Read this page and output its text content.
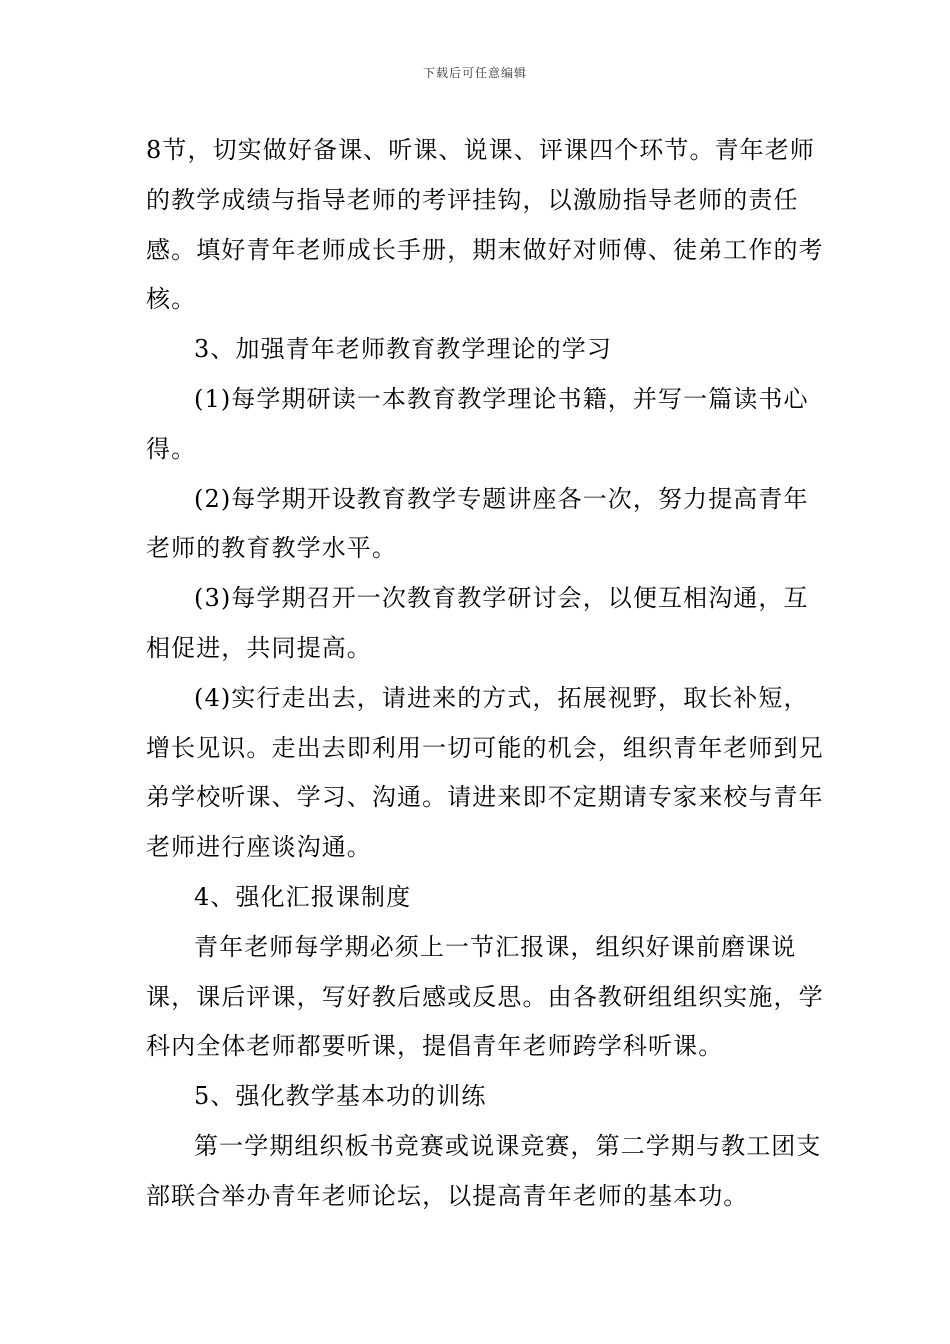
下载后可任意编辑

8节，切实做好备课、听课、说课、评课四个环节。青年老师的教学成绩与指导老师的考评挂钩，以激励指导老师的责任感。填好青年老师成长手册，期末做好对师傅、徒弟工作的考核。

3、加强青年老师教育教学理论的学习

(1)每学期研读一本教育教学理论书籍，并写一篇读书心得。

(2)每学期开设教育教学专题讲座各一次，努力提高青年老师的教育教学水平。

(3)每学期召开一次教育教学研讨会，以便互相沟通，互相促进，共同提高。

(4)实行走出去，请进来的方式，拓展视野，取长补短，增长见识。走出去即利用一切可能的机会，组织青年老师到兄弟学校听课、学习、沟通。请进来即不定期请专家来校与青年老师进行座谈沟通。

4、强化汇报课制度

青年老师每学期必须上一节汇报课，组织好课前磨课说课，课后评课，写好教后感或反思。由各教研组组织实施，学科内全体老师都要听课，提倡青年老师跨学科听课。

5、强化教学基本功的训练

第一学期组织板书竞赛或说课竞赛，第二学期与教工团支部联合举办青年老师论坛，以提高青年老师的基本功。
